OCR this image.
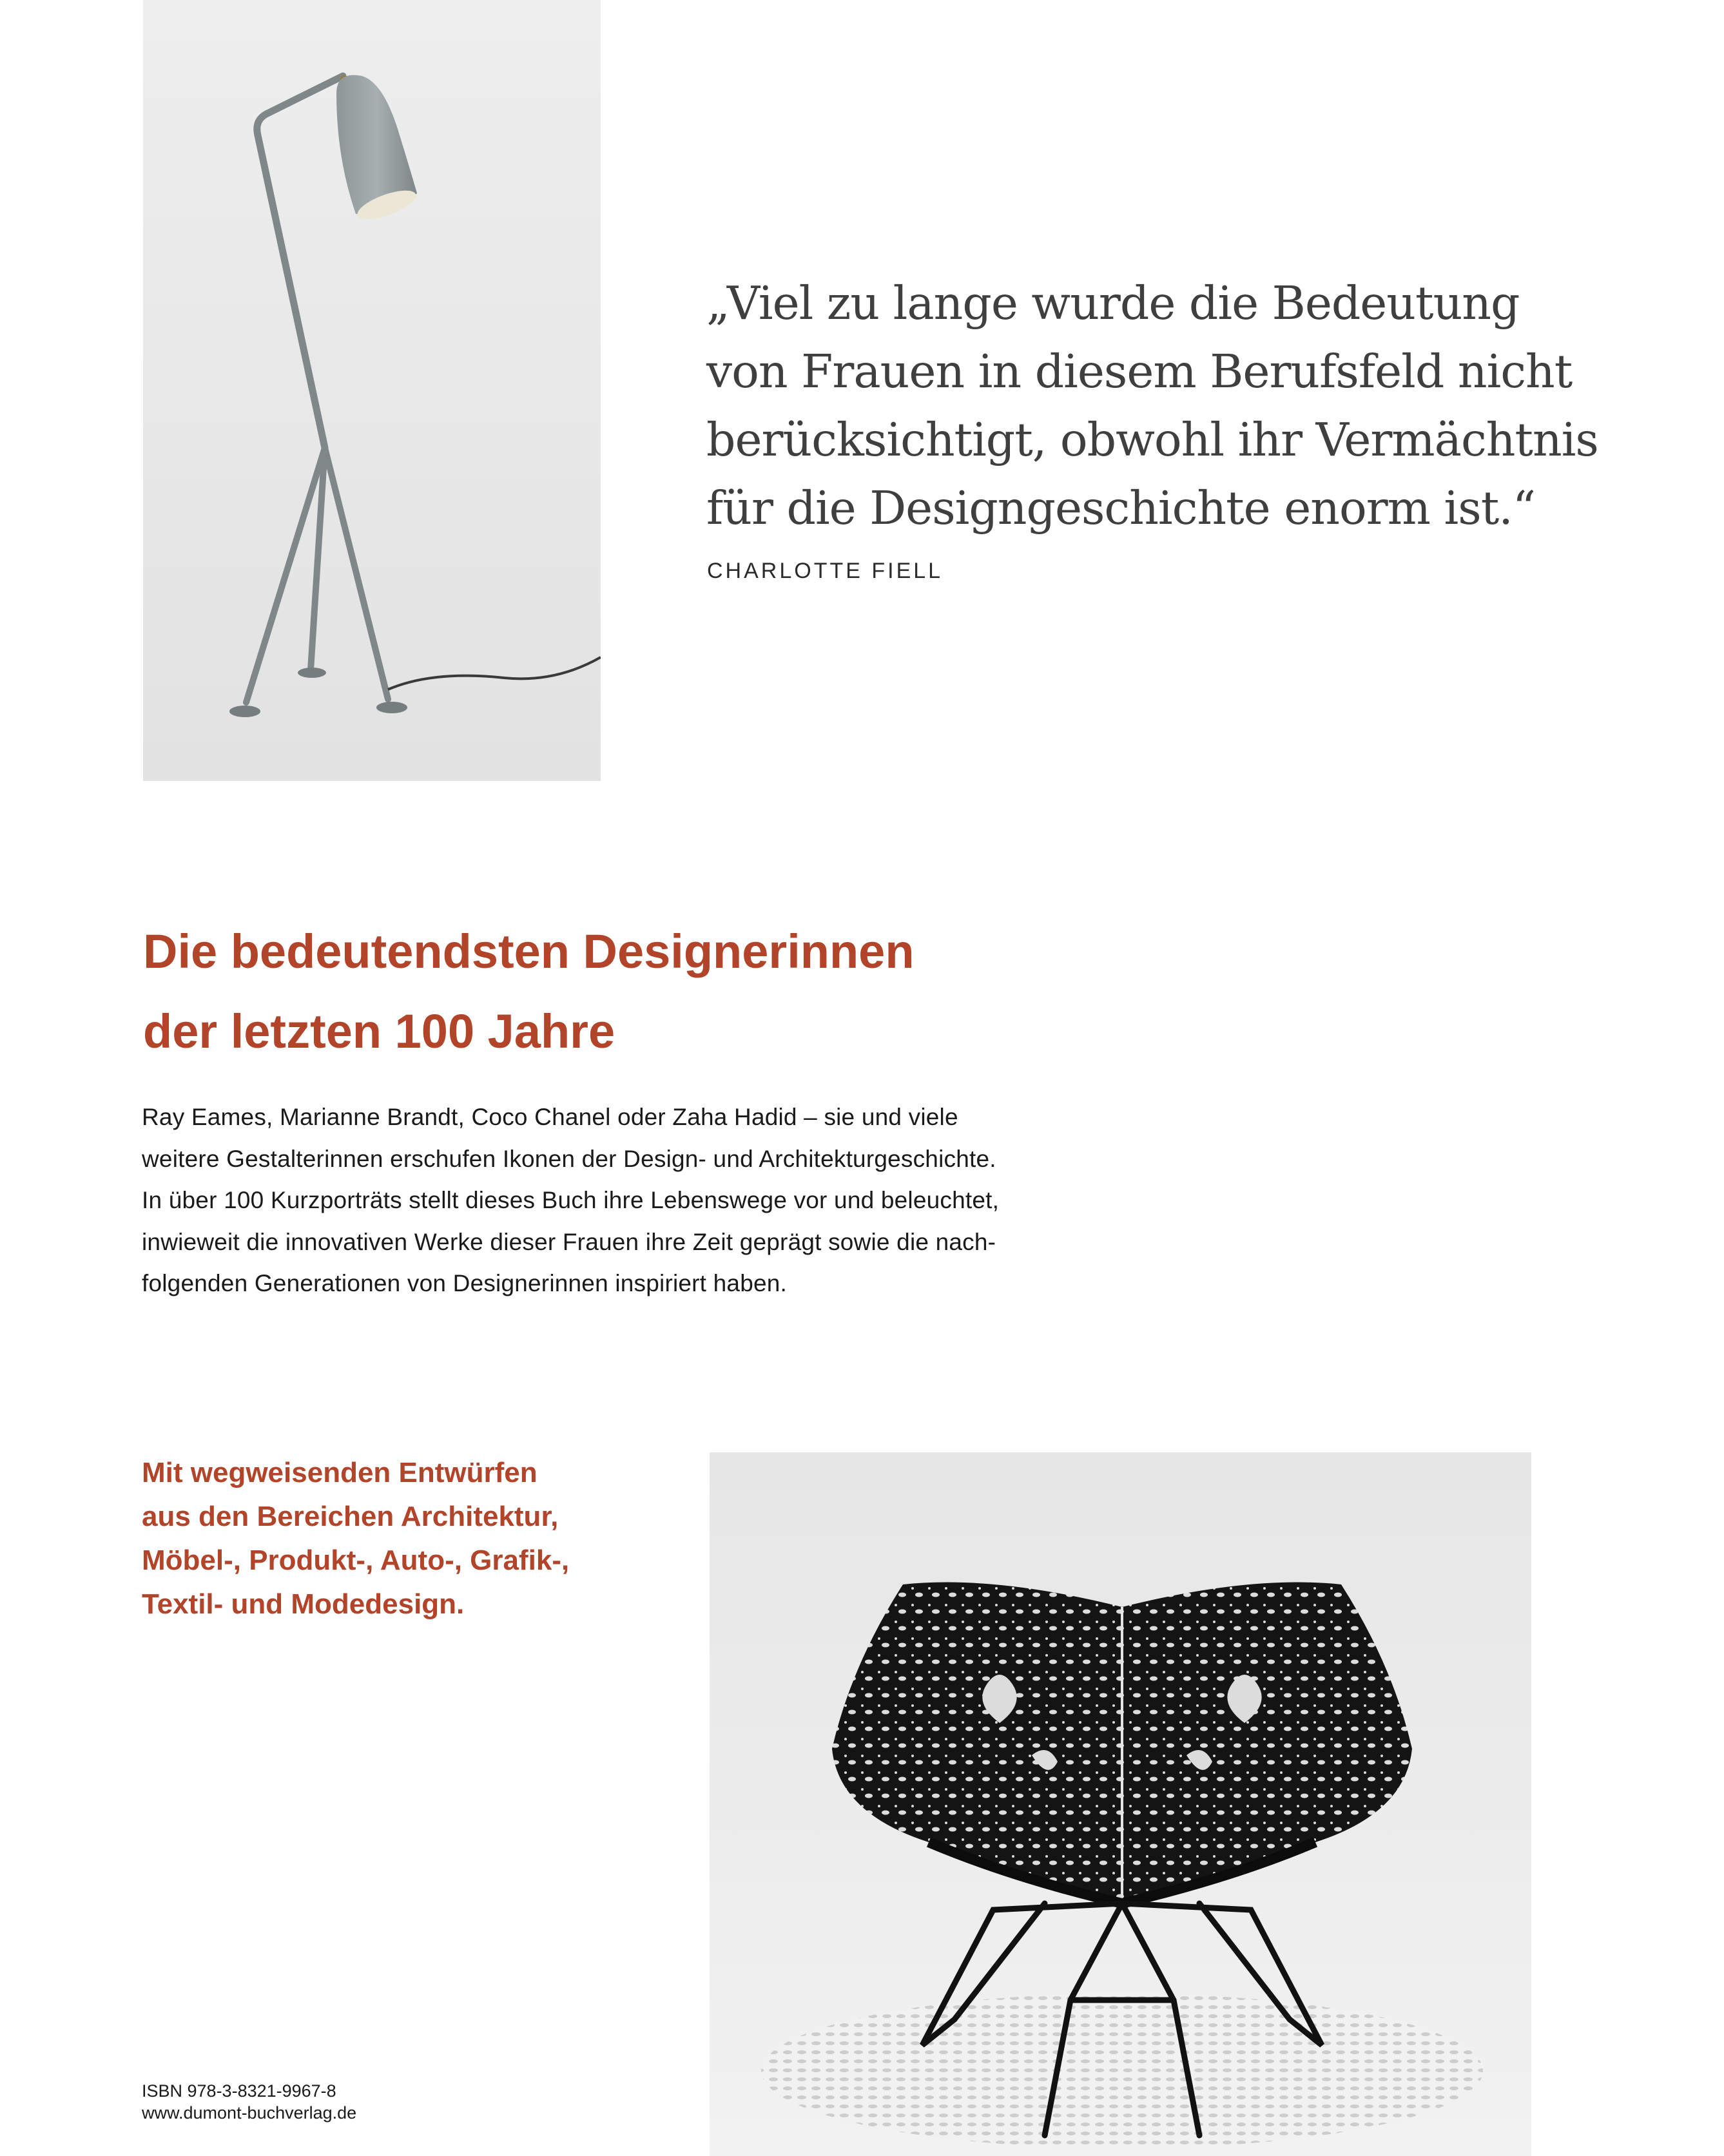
„Viel zu lange wurde die Bedeutung
von Frauen in diesem Berufsfeld nicht
berücksichtigt, obwohl ihr Vermächtnis
für die Designgeschichte enorm ist.“

CHARLOTTE FIELL
Die bedeutendsten Designerinnen
der letzten 100 Jahre

Ray Eames, Marianne Brandt, Coco Chanel oder Zaha Hadid – sie und viele
weitere Gestalterinnen erschufen Ikonen der Design- und Architekturgeschichte.
In über 100 Kurzporträts stellt dieses Buch ihre Lebenswege vor und beleuchtet,
inwieweit die innovativen Werke dieser Frauen ihre Zeit geprägt sowie die nach-
folgenden Generationen von Designerinnen inspiriert haben.

Mit wegweisenden Entwürfen
aus den Bereichen Architektur,
Möbel-, Produkt-, Auto-, Grafik-,
Textil- und Modedesign.

ISBN 978-3-8321-9967-8
www.dumont-buchverlag.de
